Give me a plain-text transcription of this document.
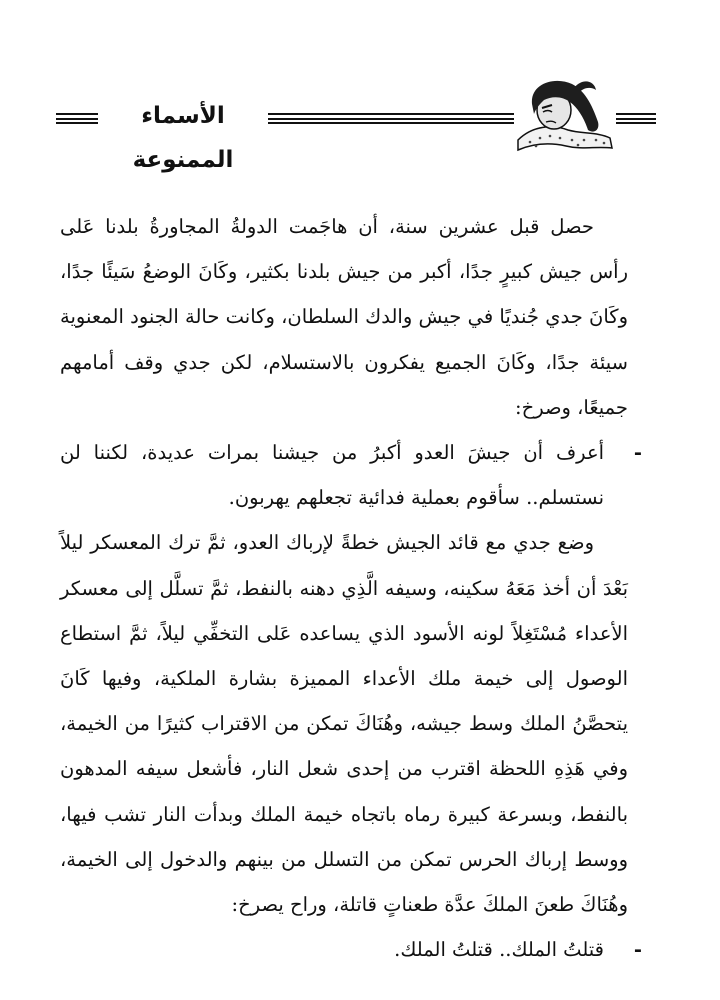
الأسماء الممنوعة

حصل قبل عشرين سنة، أن هاجَمت الدولةُ المجاورةُ بلدنا عَلى رأس جيش كبيرٍ جدًا، أكبر من جيش بلدنا بكثير، وكَانَ الوضعُ سَيئًا جدًا، وكَانَ جدي جُنديًا في جيش والدك السلطان، وكانت حالة الجنود المعنوية سيئة جدًا، وكَانَ الجميع يفكرون بالاستسلام، لكن جدي وقف أمامهم جميعًا، وصرخ:

-
أعرف أن جيشَ العدو أكبرُ من جيشنا بمرات عديدة، لكننا لن نستسلم.. سأقوم بعملية فدائية تجعلهم يهربون.

وضع جدي مع قائد الجيش خطةً لإرباك العدو، ثمَّ ترك المعسكر ليلاً بَعْدَ أن أخذ مَعَهُ سكينه، وسيفه الَّذِي دهنه بالنفط، ثمَّ تسلَّل إلى معسكر الأعداء مُسْتَغِلاً لونه الأسود الذي يساعده عَلى التخفِّي ليلاً، ثمَّ استطاع الوصول إلى خيمة ملك الأعداء المميزة بشارة الملكية، وفيها كَانَ يتحصَّنُ الملك وسط جيشه، وهُنَاكَ تمكن من الاقتراب كثيرًا من الخيمة، وفي هَذِهِ اللحظة اقترب من إحدى شعل النار، فأشعل سيفه المدهون بالنفط، وبسرعة كبيرة رماه باتجاه خيمة الملك وبدأت النار تشب فيها، ووسط إرباك الحرس تمكن من التسلل من بينهم والدخول إلى الخيمة، وهُنَاكَ طعنَ الملكَ عدَّة طعناتٍ قاتلة، وراح يصرخ:

-
قتلتُ الملك.. قتلتُ الملك.
